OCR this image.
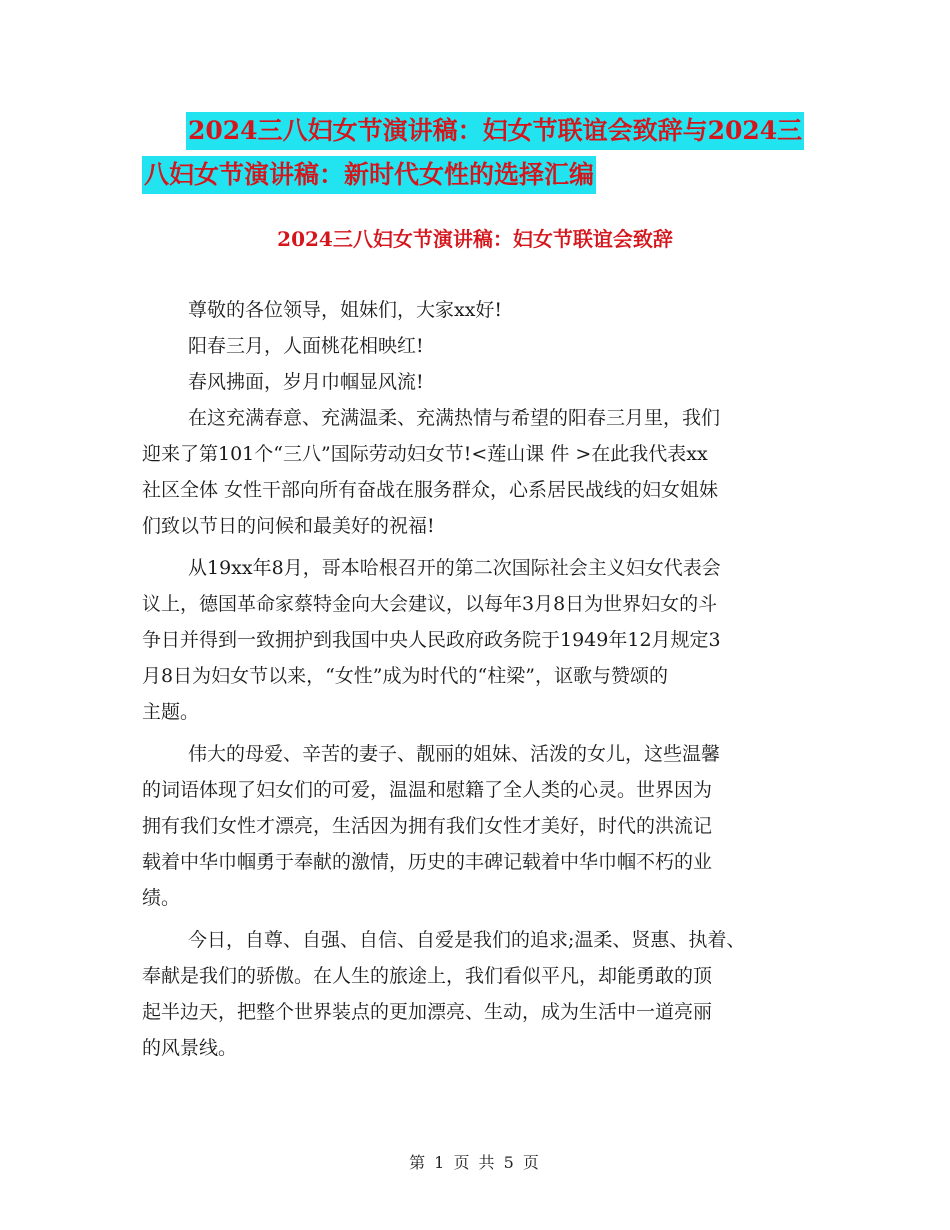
2024三八妇女节演讲稿：妇女节联谊会致辞与2024三
八妇女节演讲稿：新时代女性的选择汇编
2024三八妇女节演讲稿：妇女节联谊会致辞
尊敬的各位领导，姐妹们，大家xx好!
阳春三月，人面桃花相映红!
春风拂面，岁月巾帼显风流!
在这充满春意、充满温柔、充满热情与希望的阳春三月里，我们
迎来了第101个“三八”国际劳动妇女节!<莲山课 件 >在此我代表xx
社区全体 女性干部向所有奋战在服务群众，心系居民战线的妇女姐妹
们致以节日的问候和最美好的祝福!
从19xx年8月，哥本哈根召开的第二次国际社会主义妇女代表会
议上，德国革命家蔡特金向大会建议，以每年3月8日为世界妇女的斗
争日并得到一致拥护到我国中央人民政府政务院于1949年12月规定3
月8日为妇女节以来，“女性”成为时代的“柱梁”，讴歌与赞颂的
主题。
伟大的母爱、辛苦的妻子、靓丽的姐妹、活泼的女儿，这些温馨
的词语体现了妇女们的可爱，温温和慰籍了全人类的心灵。世界因为
拥有我们女性才漂亮，生活因为拥有我们女性才美好，时代的洪流记
载着中华巾帼勇于奉献的激情，历史的丰碑记载着中华巾帼不朽的业
绩。
今日，自尊、自强、自信、自爱是我们的追求;温柔、贤惠、执着、
奉献是我们的骄傲。在人生的旅途上，我们看似平凡，却能勇敢的顶
起半边天，把整个世界装点的更加漂亮、生动，成为生活中一道亮丽
的风景线。
第 1 页 共 5 页
